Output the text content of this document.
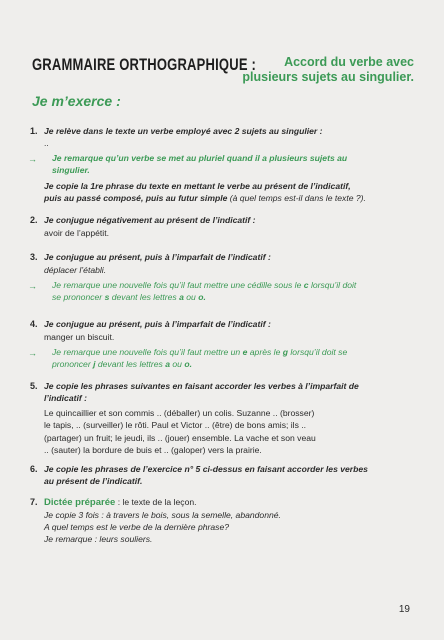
GRAMMAIRE ORTHOGRAPHIQUE :	Accord du verbe avec
plusieurs sujets au singulier.
Je m’exerce :
1. Je relève dans le texte un verbe employé avec 2 sujets au singulier :
..
→ Je remarque qu’un verbe se met au pluriel quand il a plusieurs sujets au
singulier.
Je copie la 1re phrase du texte en mettant le verbe au présent de l’indicatif,
puis au passé composé, puis au futur simple (à quel temps est-il dans le texte ?).
2. Je conjugue négativement au présent de l’indicatif :
avoir de l’appétit.
3. Je conjugue au présent, puis à l’imparfait de l’indicatif :
déplacer l’établi.
→ Je remarque une nouvelle fois qu’il faut mettre une cédille sous le c lorsqu’il doit
se prononcer s devant les lettres a ou o.
4. Je conjugue au présent, puis à l’imparfait de l’indicatif :
manger un biscuit.
→ Je remarque une nouvelle fois qu’il faut mettre un e après le g lorsqu’il doit se
prononcer j devant les lettres a ou o.
5. Je copie les phrases suivantes en faisant accorder les verbes à l’imparfait de
l’indicatif :
Le quincaillier et son commis .. (déballer) un colis. Suzanne .. (brosser)
le tapis, .. (surveiller) le rôti. Paul et Victor .. (être) de bons amis; ils ..
(partager) un fruit; le jeudi, ils .. (jouer) ensemble. La vache et son veau
.. (sauter) la bordure de buis et .. (galoper) vers la prairie.
6. Je copie les phrases de l’exercice n° 5 ci-dessus en faisant accorder les verbes
au présent de l’indicatif.
7. Dictée préparée : le texte de la leçon.
Je copie 3 fois : à travers le bois, sous la semelle, abandonné.
A quel temps est le verbe de la dernière phrase?
Je remarque : leurs souliers.
19
